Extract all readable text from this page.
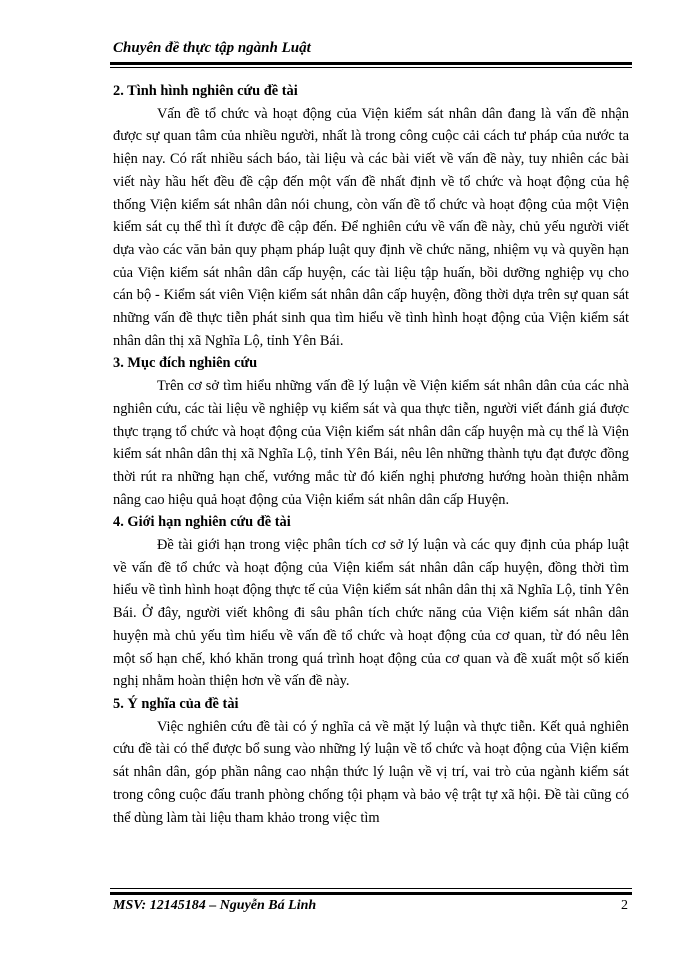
Chuyên đề thực tập ngành Luật
2. Tình hình nghiên cứu đề tài

Vấn đề tổ chức và hoạt động của Viện kiểm sát nhân dân đang là vấn đề nhận được sự quan tâm của nhiều người, nhất là trong công cuộc cải cách tư pháp của nước ta hiện nay. Có rất nhiều sách báo, tài liệu và các bài viết về vấn đề này, tuy nhiên các bài viết này hầu hết đều đề cập đến một vấn đề nhất định về tổ chức và hoạt động của hệ thống Viện kiểm sát nhân dân nói chung, còn vấn đề tổ chức và hoạt động của một Viện kiểm sát cụ thể thì ít được đề cập đến. Để nghiên cứu về vấn đề này, chủ yếu người viết dựa vào các văn bản quy phạm pháp luật quy định về chức năng, nhiệm vụ và quyền hạn của Viện kiểm sát nhân dân cấp huyện, các tài liệu tập huấn, bồi dưỡng nghiệp vụ cho cán bộ - Kiểm sát viên Viện kiểm sát nhân dân cấp huyện, đồng thời dựa trên sự quan sát những vấn đề thực tiễn phát sinh qua tìm hiểu về tình hình hoạt động của Viện kiểm sát nhân dân thị xã Nghĩa Lộ, tỉnh Yên Bái.

3. Mục đích nghiên cứu

Trên cơ sở tìm hiểu những vấn đề lý luận về Viện kiểm sát nhân dân của các nhà nghiên cứu, các tài liệu về nghiệp vụ kiểm sát và qua thực tiễn, người viết đánh giá được thực trạng tổ chức và hoạt động của Viện kiểm sát nhân dân cấp huyện mà cụ thể là Viện kiểm sát nhân dân thị xã Nghĩa Lộ, tỉnh Yên Bái, nêu lên những thành tựu đạt được đồng thời rút ra những hạn chế, vướng mắc từ đó kiến nghị phương hướng hoàn thiện nhằm nâng cao hiệu quả hoạt động của Viện kiểm sát nhân dân cấp Huyện.

4. Giới hạn nghiên cứu đề tài

Đề tài giới hạn trong việc phân tích cơ sở lý luận và các quy định của pháp luật về vấn đề tổ chức và hoạt động của Viện kiểm sát nhân dân cấp huyện, đồng thời tìm hiểu về tình hình hoạt động thực tế của Viện kiểm sát nhân dân thị xã Nghĩa Lộ, tỉnh Yên Bái. Ở đây, người viết không đi sâu phân tích chức năng của Viện kiểm sát nhân dân huyện mà chủ yếu tìm hiểu về vấn đề tổ chức và hoạt động của cơ quan, từ đó nêu lên một số hạn chế, khó khăn trong quá trình hoạt động của cơ quan và đề xuất một số kiến nghị nhằm hoàn thiện hơn về vấn đề này.

5. Ý nghĩa của đề tài

Việc nghiên cứu đề tài có ý nghĩa cả về mặt lý luận và thực tiễn. Kết quả nghiên cứu đề tài có thể được bổ sung vào những lý luận về tổ chức và hoạt động của Viện kiểm sát nhân dân, góp phần nâng cao nhận thức lý luận về vị trí, vai trò của ngành kiểm sát trong công cuộc đấu tranh phòng chống tội phạm và bảo vệ trật tự xã hội. Đề tài cũng có thể dùng làm tài liệu tham khảo trong việc tìm

MSV: 12145184 – Nguyễn Bá Linh	2
